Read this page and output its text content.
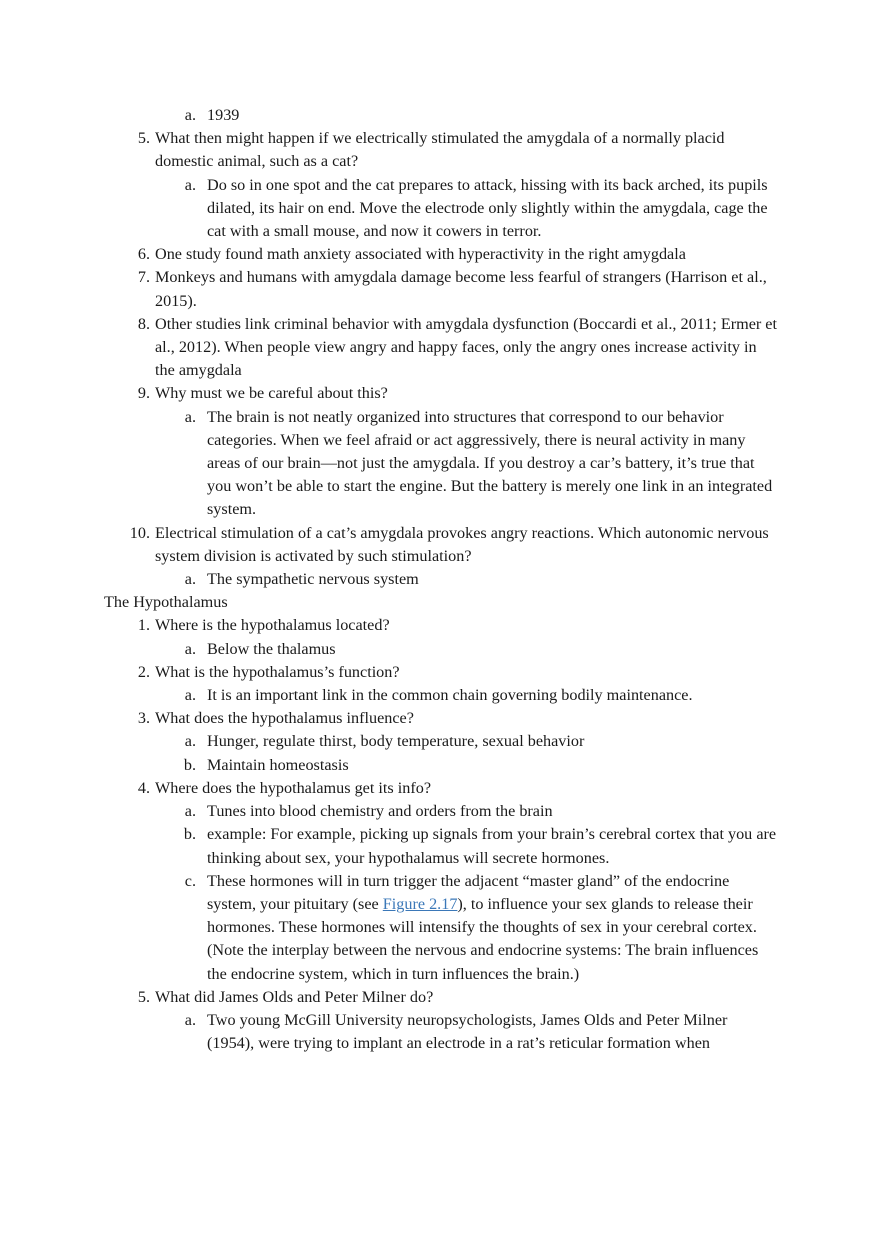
a. 1939
5. What then might happen if we electrically stimulated the amygdala of a normally placid domestic animal, such as a cat?
a. Do so in one spot and the cat prepares to attack, hissing with its back arched, its pupils dilated, its hair on end. Move the electrode only slightly within the amygdala, cage the cat with a small mouse, and now it cowers in terror.
6. One study found math anxiety associated with hyperactivity in the right amygdala
7. Monkeys and humans with amygdala damage become less fearful of strangers (Harrison et al., 2015).
8. Other studies link criminal behavior with amygdala dysfunction (Boccardi et al., 2011; Ermer et al., 2012). When people view angry and happy faces, only the angry ones increase activity in the amygdala
9. Why must we be careful about this?
a. The brain is not neatly organized into structures that correspond to our behavior categories. When we feel afraid or act aggressively, there is neural activity in many areas of our brain—not just the amygdala. If you destroy a car’s battery, it’s true that you won’t be able to start the engine. But the battery is merely one link in an integrated system.
10. Electrical stimulation of a cat’s amygdala provokes angry reactions. Which autonomic nervous system division is activated by such stimulation?
a. The sympathetic nervous system
The Hypothalamus
1. Where is the hypothalamus located?
a. Below the thalamus
2. What is the hypothalamus’s function?
a. It is an important link in the common chain governing bodily maintenance.
3. What does the hypothalamus influence?
a. Hunger, regulate thirst, body temperature, sexual behavior
b. Maintain homeostasis
4. Where does the hypothalamus get its info?
a. Tunes into blood chemistry and orders from the brain
b. example: For example, picking up signals from your brain’s cerebral cortex that you are thinking about sex, your hypothalamus will secrete hormones.
c. These hormones will in turn trigger the adjacent “master gland” of the endocrine system, your pituitary (see Figure 2.17), to influence your sex glands to release their hormones. These hormones will intensify the thoughts of sex in your cerebral cortex. (Note the interplay between the nervous and endocrine systems: The brain influences the endocrine system, which in turn influences the brain.)
5. What did James Olds and Peter Milner do?
a. Two young McGill University neuropsychologists, James Olds and Peter Milner (1954), were trying to implant an electrode in a rat’s reticular formation when
